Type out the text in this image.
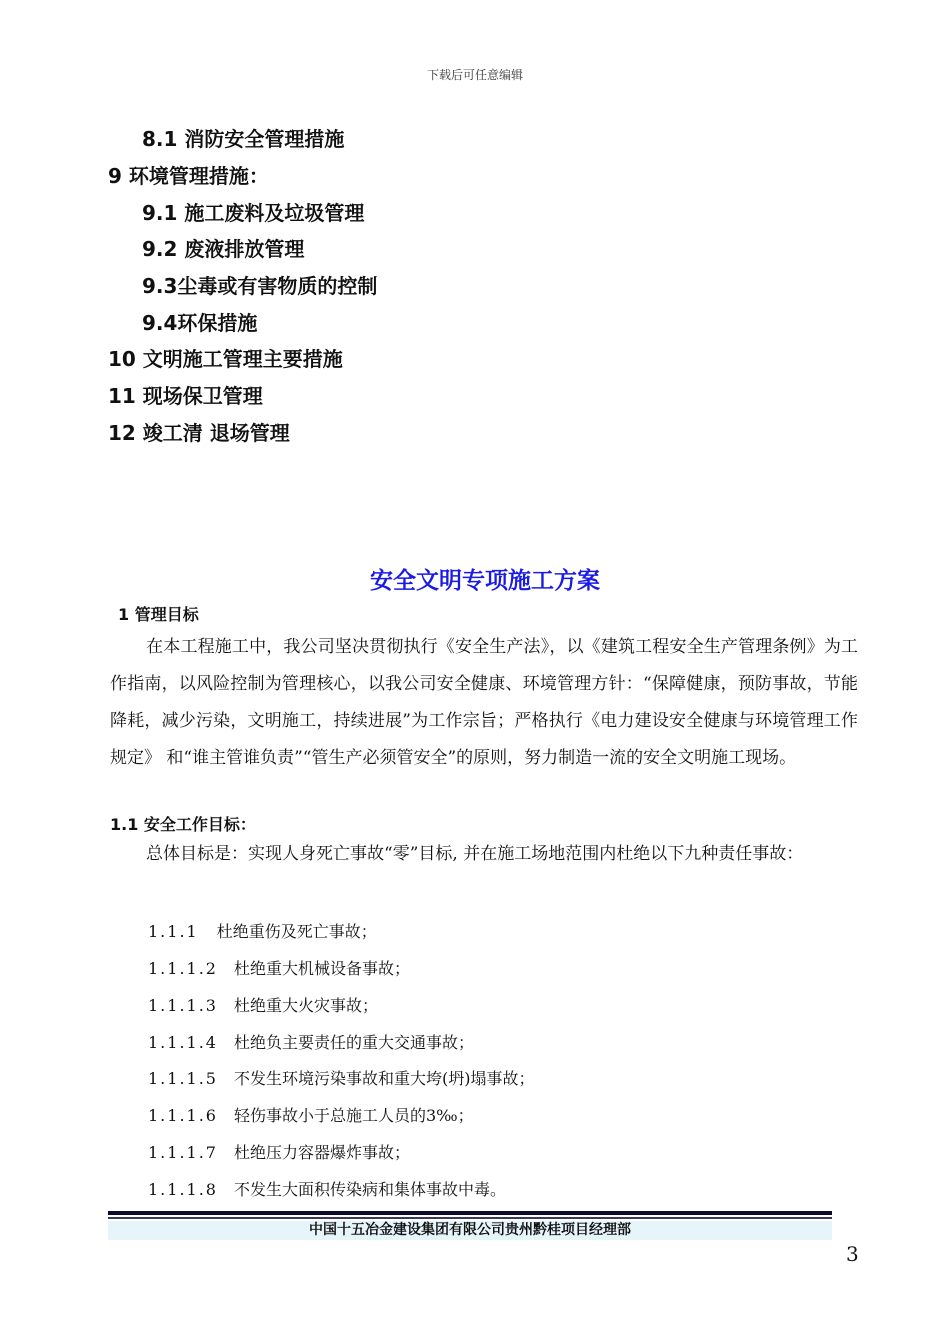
下载后可任意编辑
8.1 消防安全管理措施
9 环境管理措施：
9.1 施工废料及垃圾管理
9.2 废液排放管理
9.3尘毒或有害物质的控制
9.4环保措施
10 文明施工管理主要措施
11 现场保卫管理
12 竣工清 退场管理
安全文明专项施工方案
1 管理目标
在本工程施工中，我公司坚决贯彻执行《安全生产法》，以《建筑工程安全生产管理条例》为工作指南，以风险控制为管理核心，以我公司安全健康、环境管理方针：“保障健康，预防事故，节能降耗，减少污染，文明施工，持续进展”为工作宗旨；严格执行《电力建设安全健康与环境管理工作规定》 和“谁主管谁负责”“管生产必须管安全”的原则，努力制造一流的安全文明施工现场。
1.1 安全工作目标：
总体目标是：实现人身死亡事故“零”目标, 并在施工场地范围内杜绝以下九种责任事故：
1.1.1 杜绝重伤及死亡事故；
1.1.1.2 杜绝重大机械设备事故；
1.1.1.3 杜绝重大火灾事故；
1.1.1.4 杜绝负主要责任的重大交通事故；
1.1.1.5 不发生环境污染事故和重大垮(坍)塌事故；
1.1.1.6 轻伤事故小于总施工人员的3‰；
1.1.1.7 杜绝压力容器爆炸事故；
1.1.1.8 不发生大面积传染病和集体事故中毒。
中国十五冶金建设集团有限公司贵州黔桂项目经理部
3
